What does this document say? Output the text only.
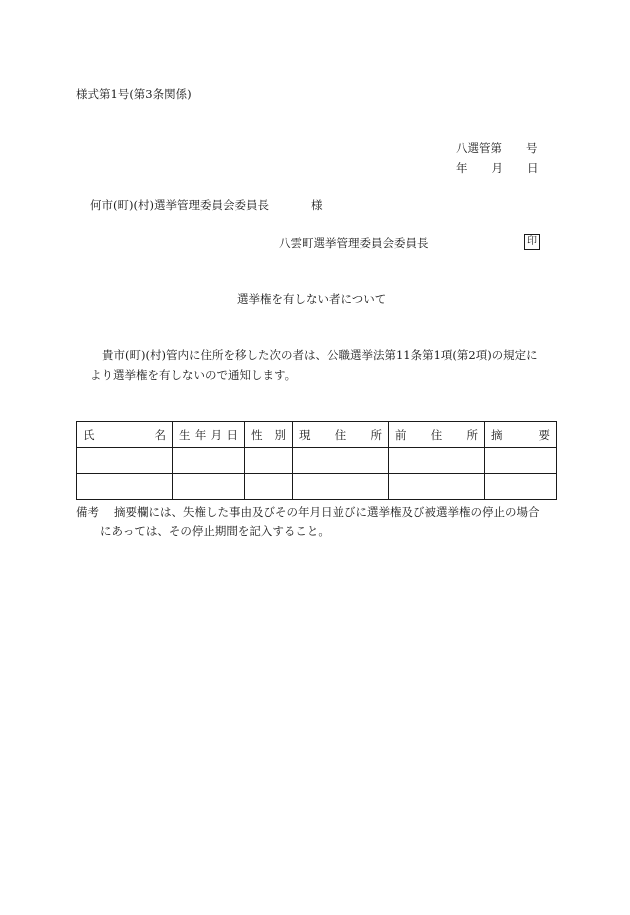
様式第1号(第3条関係)
八選管第 号
年 月 日
何市(町)(村)選挙管理委員会委員長	様
八雲町選挙管理委員会委員長	印
選挙権を有しない者について
貴市(町)(村)管内に住所を移した次の者は、公職選挙法第11条第1項(第2項)の規定に
より選挙権を有しないので通知します。
氏名	生年月日	性別	現住所	前住所	摘要

備考 摘要欄には、失権した事由及びその年月日並びに選挙権及び被選挙権の停止の場合
にあっては、その停止期間を記入すること。
